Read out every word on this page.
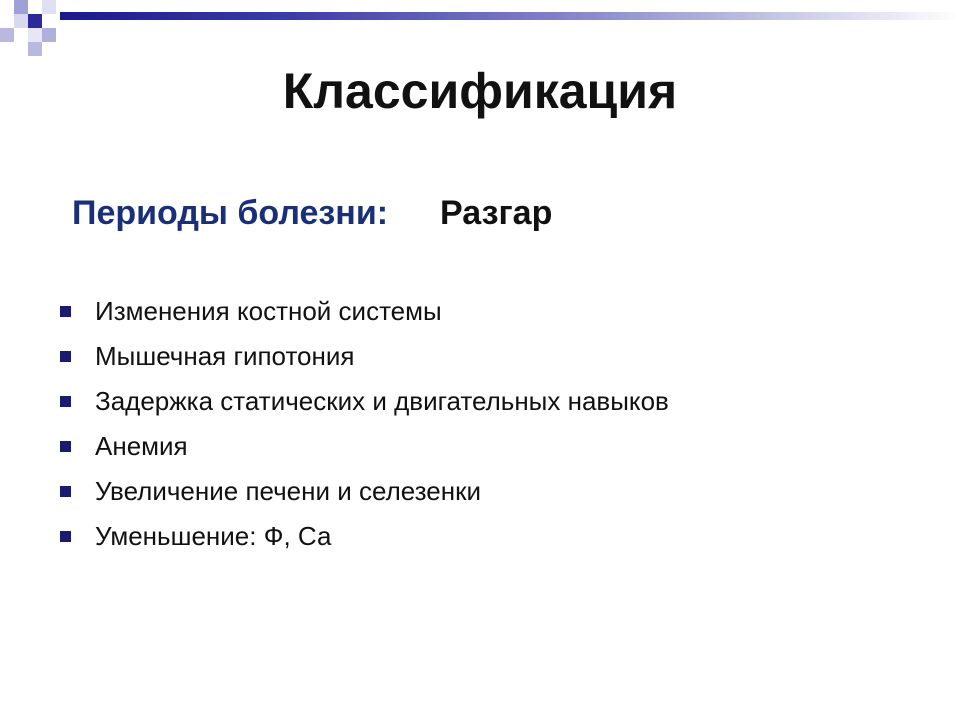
Классификация
Периоды болезни: Разгар
Изменения костной системы
Мышечная гипотония
Задержка статических и двигательных навыков
Анемия
Увеличение печени и селезенки
Уменьшение: Ф, Са
